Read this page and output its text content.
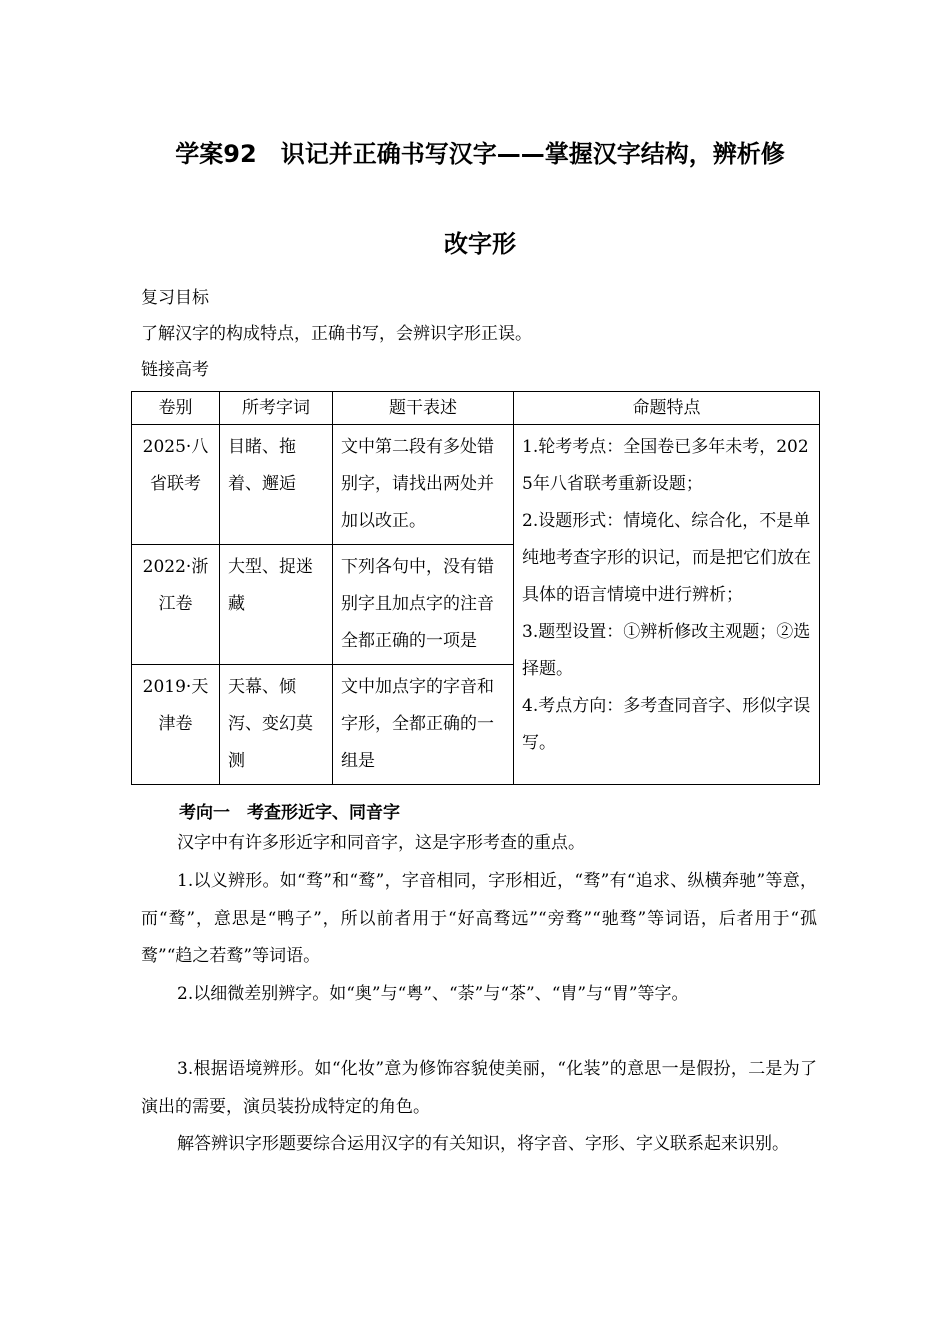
学案92　识记并正确书写汉字——掌握汉字结构，辨析修
改字形
复习目标
了解汉字的构成特点，正确书写，会辨识字形正误。
链接高考
卷别	所考字词	题干表述	命题特点
2025·八省联考	目睹、拖着、邂逅	文中第二段有多处错别字，请找出两处并加以改正。	1.轮考考点：全国卷已多年未考，2025年八省联考重新设题；
2.设题形式：情境化、综合化，不是单纯地考查字形的识记，而是把它们放在具体的语言情境中进行辨析；
3.题型设置：①辨析修改主观题；②选择题。
4.考点方向：多考查同音字、形似字误写。

2022·浙江卷	大型、捉迷藏	下列各句中，没有错别字且加点字的注音全都正确的一项是	
2019·天津卷	天幕、倾泻、变幻莫测	文中加点字的字音和字形，全都正确的一组是	
考向一　考查形近字、同音字

汉字中有许多形近字和同音字，这是字形考查的重点。

1.以义辨形。如“骛”和“鹜”，字音相同，字形相近，“骛”有“追求、纵横奔驰”等意，而“鹜”，意思是“鸭子”，所以前者用于“好高骛远”“旁骛”“驰骛”等词语，后者用于“孤鹜”“趋之若鹜”等词语。

2.以细微差别辨字。如“奥”与“粤”、“荼”与“茶”、“胄”与“胃”等字。

3.根据语境辨形。如“化妆”意为修饰容貌使美丽，“化装”的意思一是假扮，二是为了演出的需要，演员装扮成特定的角色。

解答辨识字形题要综合运用汉字的有关知识，将字音、字形、字义联系起来识别。
